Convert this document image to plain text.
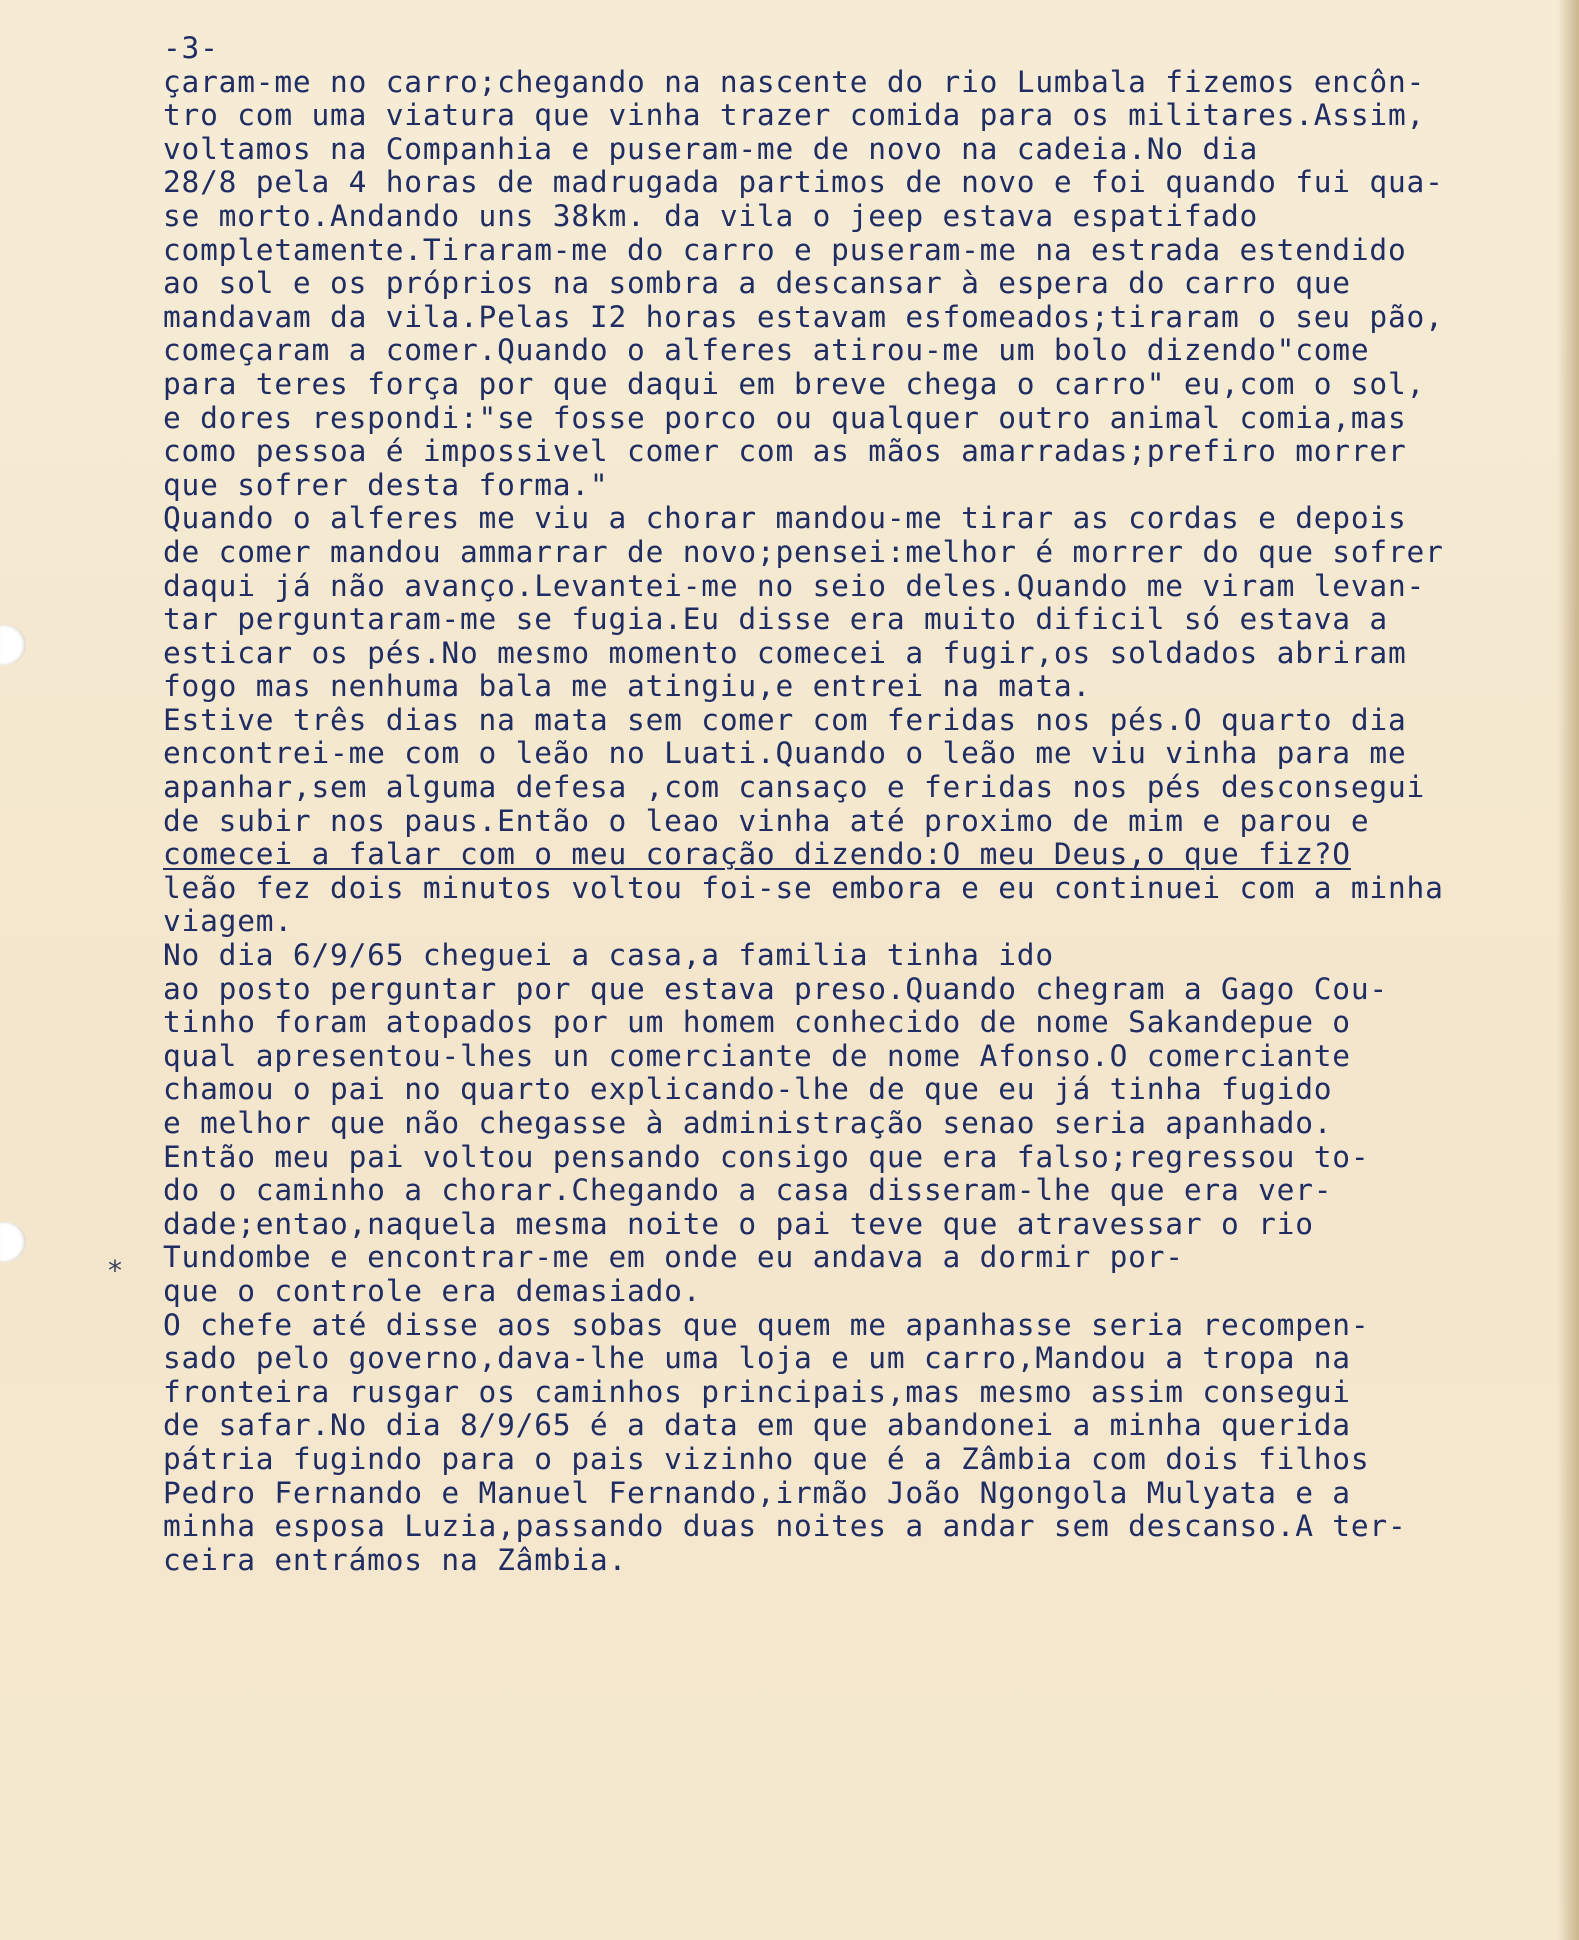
*
-3-
çaram-me no carro;chegando na nascente do rio Lumbala fizemos encôn-
tro com uma viatura que vinha trazer comida para os militares.Assim,
voltamos na Companhia e puseram-me de novo na cadeia.No dia
28/8 pela 4 horas de madrugada partimos de novo e foi quando fui qua-
se morto.Andando uns 38km. da vila o jeep estava espatifado
completamente.Tiraram-me do carro e puseram-me na estrada estendido
ao sol e os próprios na sombra a descansar à espera do carro que
mandavam da vila.Pelas I2 horas estavam esfomeados;tiraram o seu pão,
começaram a comer.Quando o alferes atirou-me um bolo dizendo"come
para teres força por que daqui em breve chega o carro" eu,com o sol,
e dores respondi:"se fosse porco ou qualquer outro animal comia,mas
como pessoa é impossivel comer com as mãos amarradas;prefiro morrer
que sofrer desta forma."
Quando o alferes me viu a chorar mandou-me tirar as cordas e depois
de comer mandou ammarrar de novo;pensei:melhor é morrer do que sofrer
daqui já não avanço.Levantei-me no seio deles.Quando me viram levan-
tar perguntaram-me se fugia.Eu disse era muito dificil só estava a
esticar os pés.No mesmo momento comecei a fugir,os soldados abriram
fogo mas nenhuma bala me atingiu,e entrei na mata.
Estive três dias na mata sem comer com feridas nos pés.O quarto dia
encontrei-me com o leão no Luati.Quando o leão me viu vinha para me
apanhar,sem alguma defesa ,com cansaço e feridas nos pés desconsegui
de subir nos paus.Então o leao vinha até proximo de mim e parou e
comecei a falar com o meu coração dizendo:O meu Deus,o que fiz?O
leão fez dois minutos voltou foi-se embora e eu continuei com a minha
viagem.
No dia 6/9/65 cheguei a casa,a familia tinha ido
ao posto perguntar por que estava preso.Quando chegram a Gago Cou-
tinho foram atopados por um homem conhecido de nome Sakandepue o
qual apresentou-lhes un comerciante de nome Afonso.O comerciante
chamou o pai no quarto explicando-lhe de que eu já tinha fugido
e melhor que não chegasse à administração senao seria apanhado.
Então meu pai voltou pensando consigo que era falso;regressou to-
do o caminho a chorar.Chegando a casa disseram-lhe que era ver-
dade;entao,naquela mesma noite o pai teve que atravessar o rio
Tundombe e encontrar-me em onde eu andava a dormir por-
que o controle era demasiado.
O chefe até disse aos sobas que quem me apanhasse seria recompen-
sado pelo governo,dava-lhe uma loja e um carro,Mandou a tropa na
fronteira rusgar os caminhos principais,mas mesmo assim consegui
de safar.No dia 8/9/65 é a data em que abandonei a minha querida
pátria fugindo para o pais vizinho que é a Zâmbia com dois filhos
Pedro Fernando e Manuel Fernando,irmão João Ngongola Mulyata e a
minha esposa Luzia,passando duas noites a andar sem descanso.A ter-
ceira entrámos na Zâmbia.
